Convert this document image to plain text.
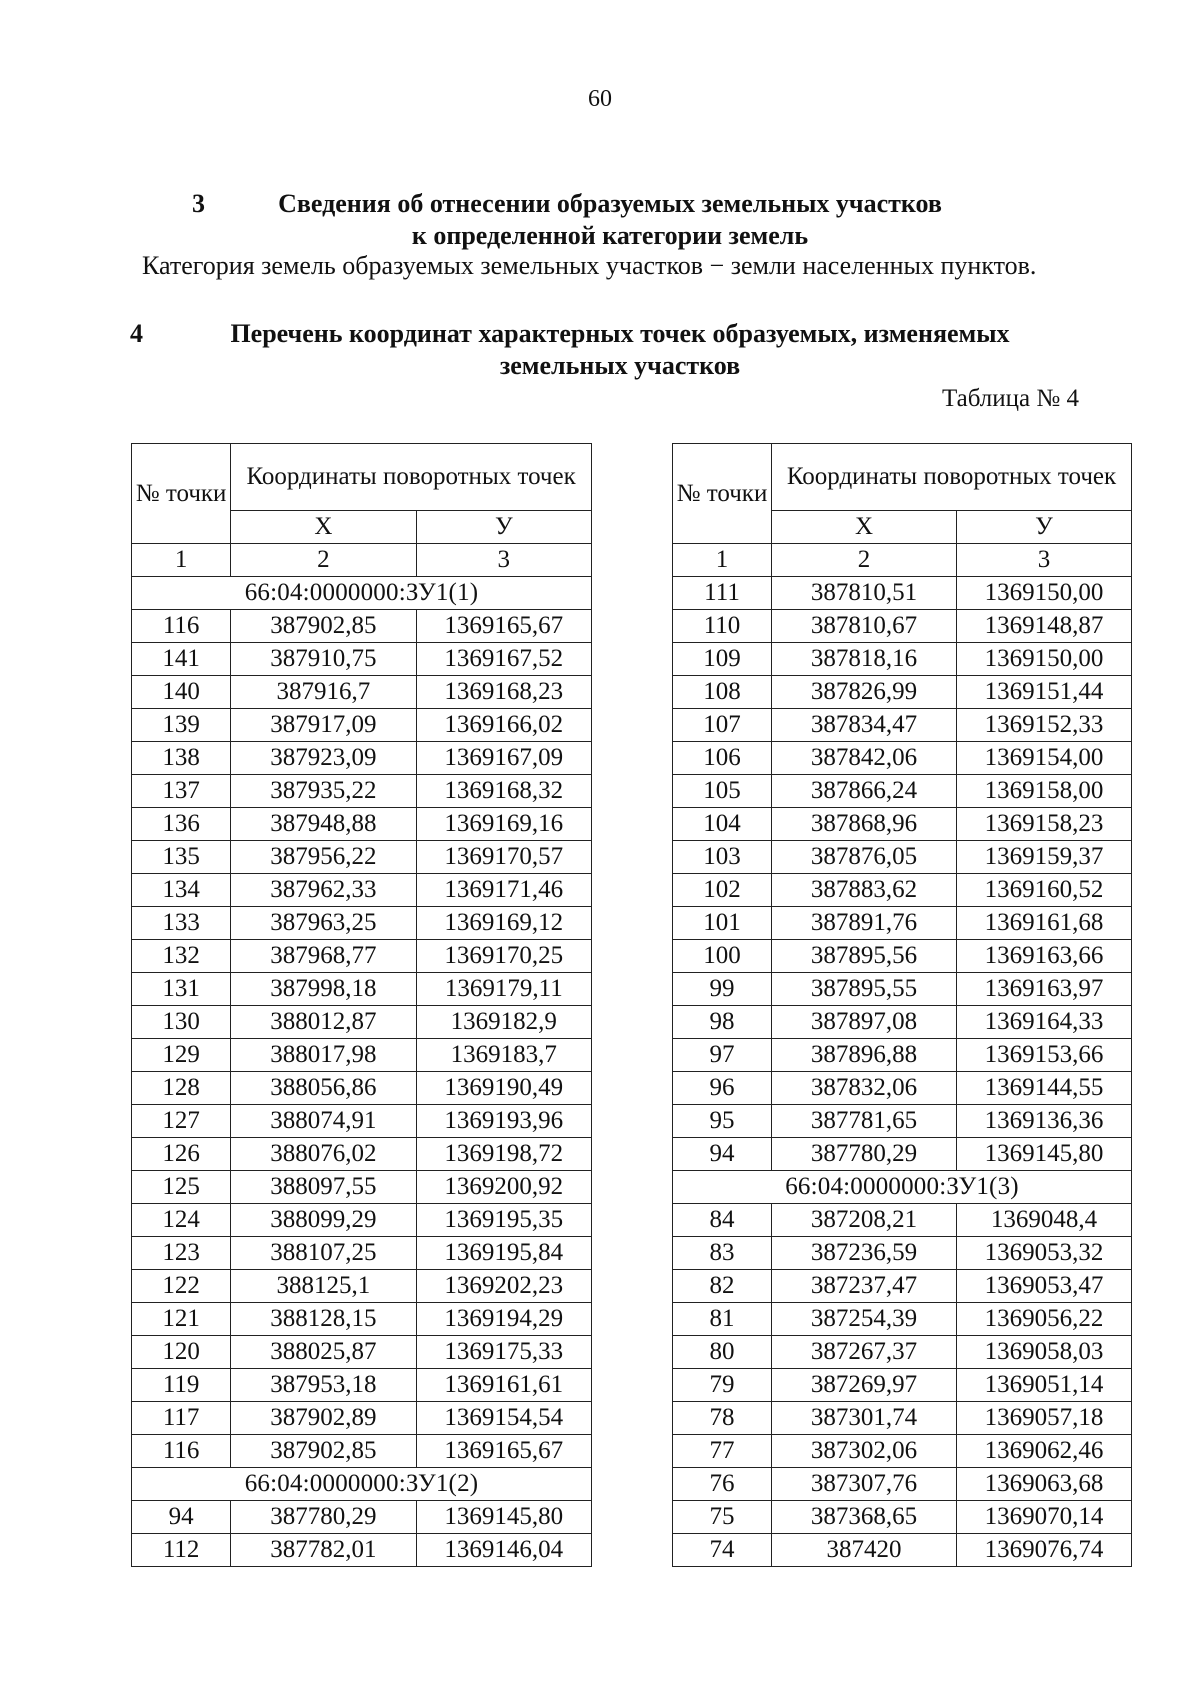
60
3	Сведения об отнесении образуемых земельных участков
к определенной категории земель
Категория земель образуемых земельных участков − земли населенных пунктов.
4	Перечень координат характерных точек образуемых, изменяемых
земельных участков
Таблица № 4
№ точки	Координаты поворотных точек	
	Х	У
1	2	3
66:04:0000000:ЗУ1(1)		
116	387902,85	1369165,67
141	387910,75	1369167,52
140	387916,7	1369168,23
139	387917,09	1369166,02
138	387923,09	1369167,09
137	387935,22	1369168,32
136	387948,88	1369169,16
135	387956,22	1369170,57
134	387962,33	1369171,46
133	387963,25	1369169,12
132	387968,77	1369170,25
131	387998,18	1369179,11
130	388012,87	1369182,9
129	388017,98	1369183,7
128	388056,86	1369190,49
127	388074,91	1369193,96
126	388076,02	1369198,72
125	388097,55	1369200,92
124	388099,29	1369195,35
123	388107,25	1369195,84
122	388125,1	1369202,23
121	388128,15	1369194,29
120	388025,87	1369175,33
119	387953,18	1369161,61
117	387902,89	1369154,54
116	387902,85	1369165,67
66:04:0000000:ЗУ1(2)		
94	387780,29	1369145,80
112	387782,01	1369146,04
№ точки	Координаты поворотных точек	
	Х	У
1	2	3
111	387810,51	1369150,00
110	387810,67	1369148,87
109	387818,16	1369150,00
108	387826,99	1369151,44
107	387834,47	1369152,33
106	387842,06	1369154,00
105	387866,24	1369158,00
104	387868,96	1369158,23
103	387876,05	1369159,37
102	387883,62	1369160,52
101	387891,76	1369161,68
100	387895,56	1369163,66
99	387895,55	1369163,97
98	387897,08	1369164,33
97	387896,88	1369153,66
96	387832,06	1369144,55
95	387781,65	1369136,36
94	387780,29	1369145,80
66:04:0000000:ЗУ1(3)		
84	387208,21	1369048,4
83	387236,59	1369053,32
82	387237,47	1369053,47
81	387254,39	1369056,22
80	387267,37	1369058,03
79	387269,97	1369051,14
78	387301,74	1369057,18
77	387302,06	1369062,46
76	387307,76	1369063,68
75	387368,65	1369070,14
74	387420	1369076,74
